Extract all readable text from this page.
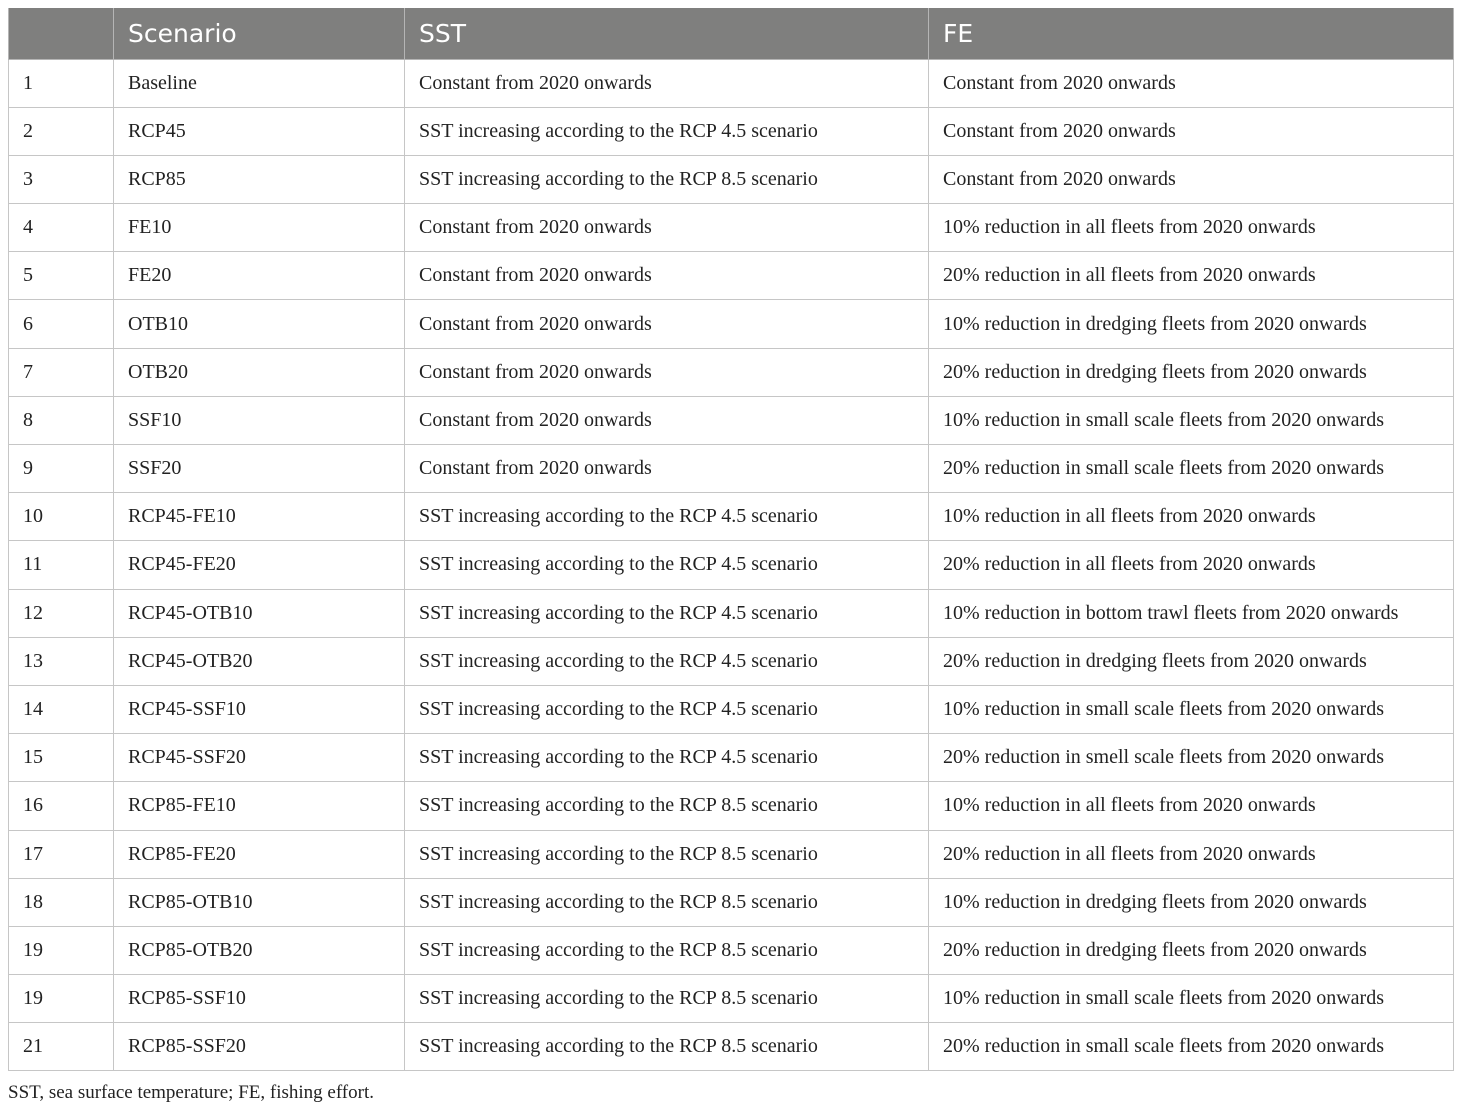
	Scenario	SST	FE
1	Baseline	Constant from 2020 onwards	Constant from 2020 onwards
2	RCP45	SST increasing according to the RCP 4.5 scenario	Constant from 2020 onwards
3	RCP85	SST increasing according to the RCP 8.5 scenario	Constant from 2020 onwards
4	FE10	Constant from 2020 onwards	10% reduction in all fleets from 2020 onwards
5	FE20	Constant from 2020 onwards	20% reduction in all fleets from 2020 onwards
6	OTB10	Constant from 2020 onwards	10% reduction in dredging fleets from 2020 onwards
7	OTB20	Constant from 2020 onwards	20% reduction in dredging fleets from 2020 onwards
8	SSF10	Constant from 2020 onwards	10% reduction in small scale fleets from 2020 onwards
9	SSF20	Constant from 2020 onwards	20% reduction in small scale fleets from 2020 onwards
10	RCP45-FE10	SST increasing according to the RCP 4.5 scenario	10% reduction in all fleets from 2020 onwards
11	RCP45-FE20	SST increasing according to the RCP 4.5 scenario	20% reduction in all fleets from 2020 onwards
12	RCP45-OTB10	SST increasing according to the RCP 4.5 scenario	10% reduction in bottom trawl fleets from 2020 onwards
13	RCP45-OTB20	SST increasing according to the RCP 4.5 scenario	20% reduction in dredging fleets from 2020 onwards
14	RCP45-SSF10	SST increasing according to the RCP 4.5 scenario	10% reduction in small scale fleets from 2020 onwards
15	RCP45-SSF20	SST increasing according to the RCP 4.5 scenario	20% reduction in smell scale fleets from 2020 onwards
16	RCP85-FE10	SST increasing according to the RCP 8.5 scenario	10% reduction in all fleets from 2020 onwards
17	RCP85-FE20	SST increasing according to the RCP 8.5 scenario	20% reduction in all fleets from 2020 onwards
18	RCP85-OTB10	SST increasing according to the RCP 8.5 scenario	10% reduction in dredging fleets from 2020 onwards
19	RCP85-OTB20	SST increasing according to the RCP 8.5 scenario	20% reduction in dredging fleets from 2020 onwards
19	RCP85-SSF10	SST increasing according to the RCP 8.5 scenario	10% reduction in small scale fleets from 2020 onwards
21	RCP85-SSF20	SST increasing according to the RCP 8.5 scenario	20% reduction in small scale fleets from 2020 onwards
SST, sea surface temperature; FE, fishing effort.
